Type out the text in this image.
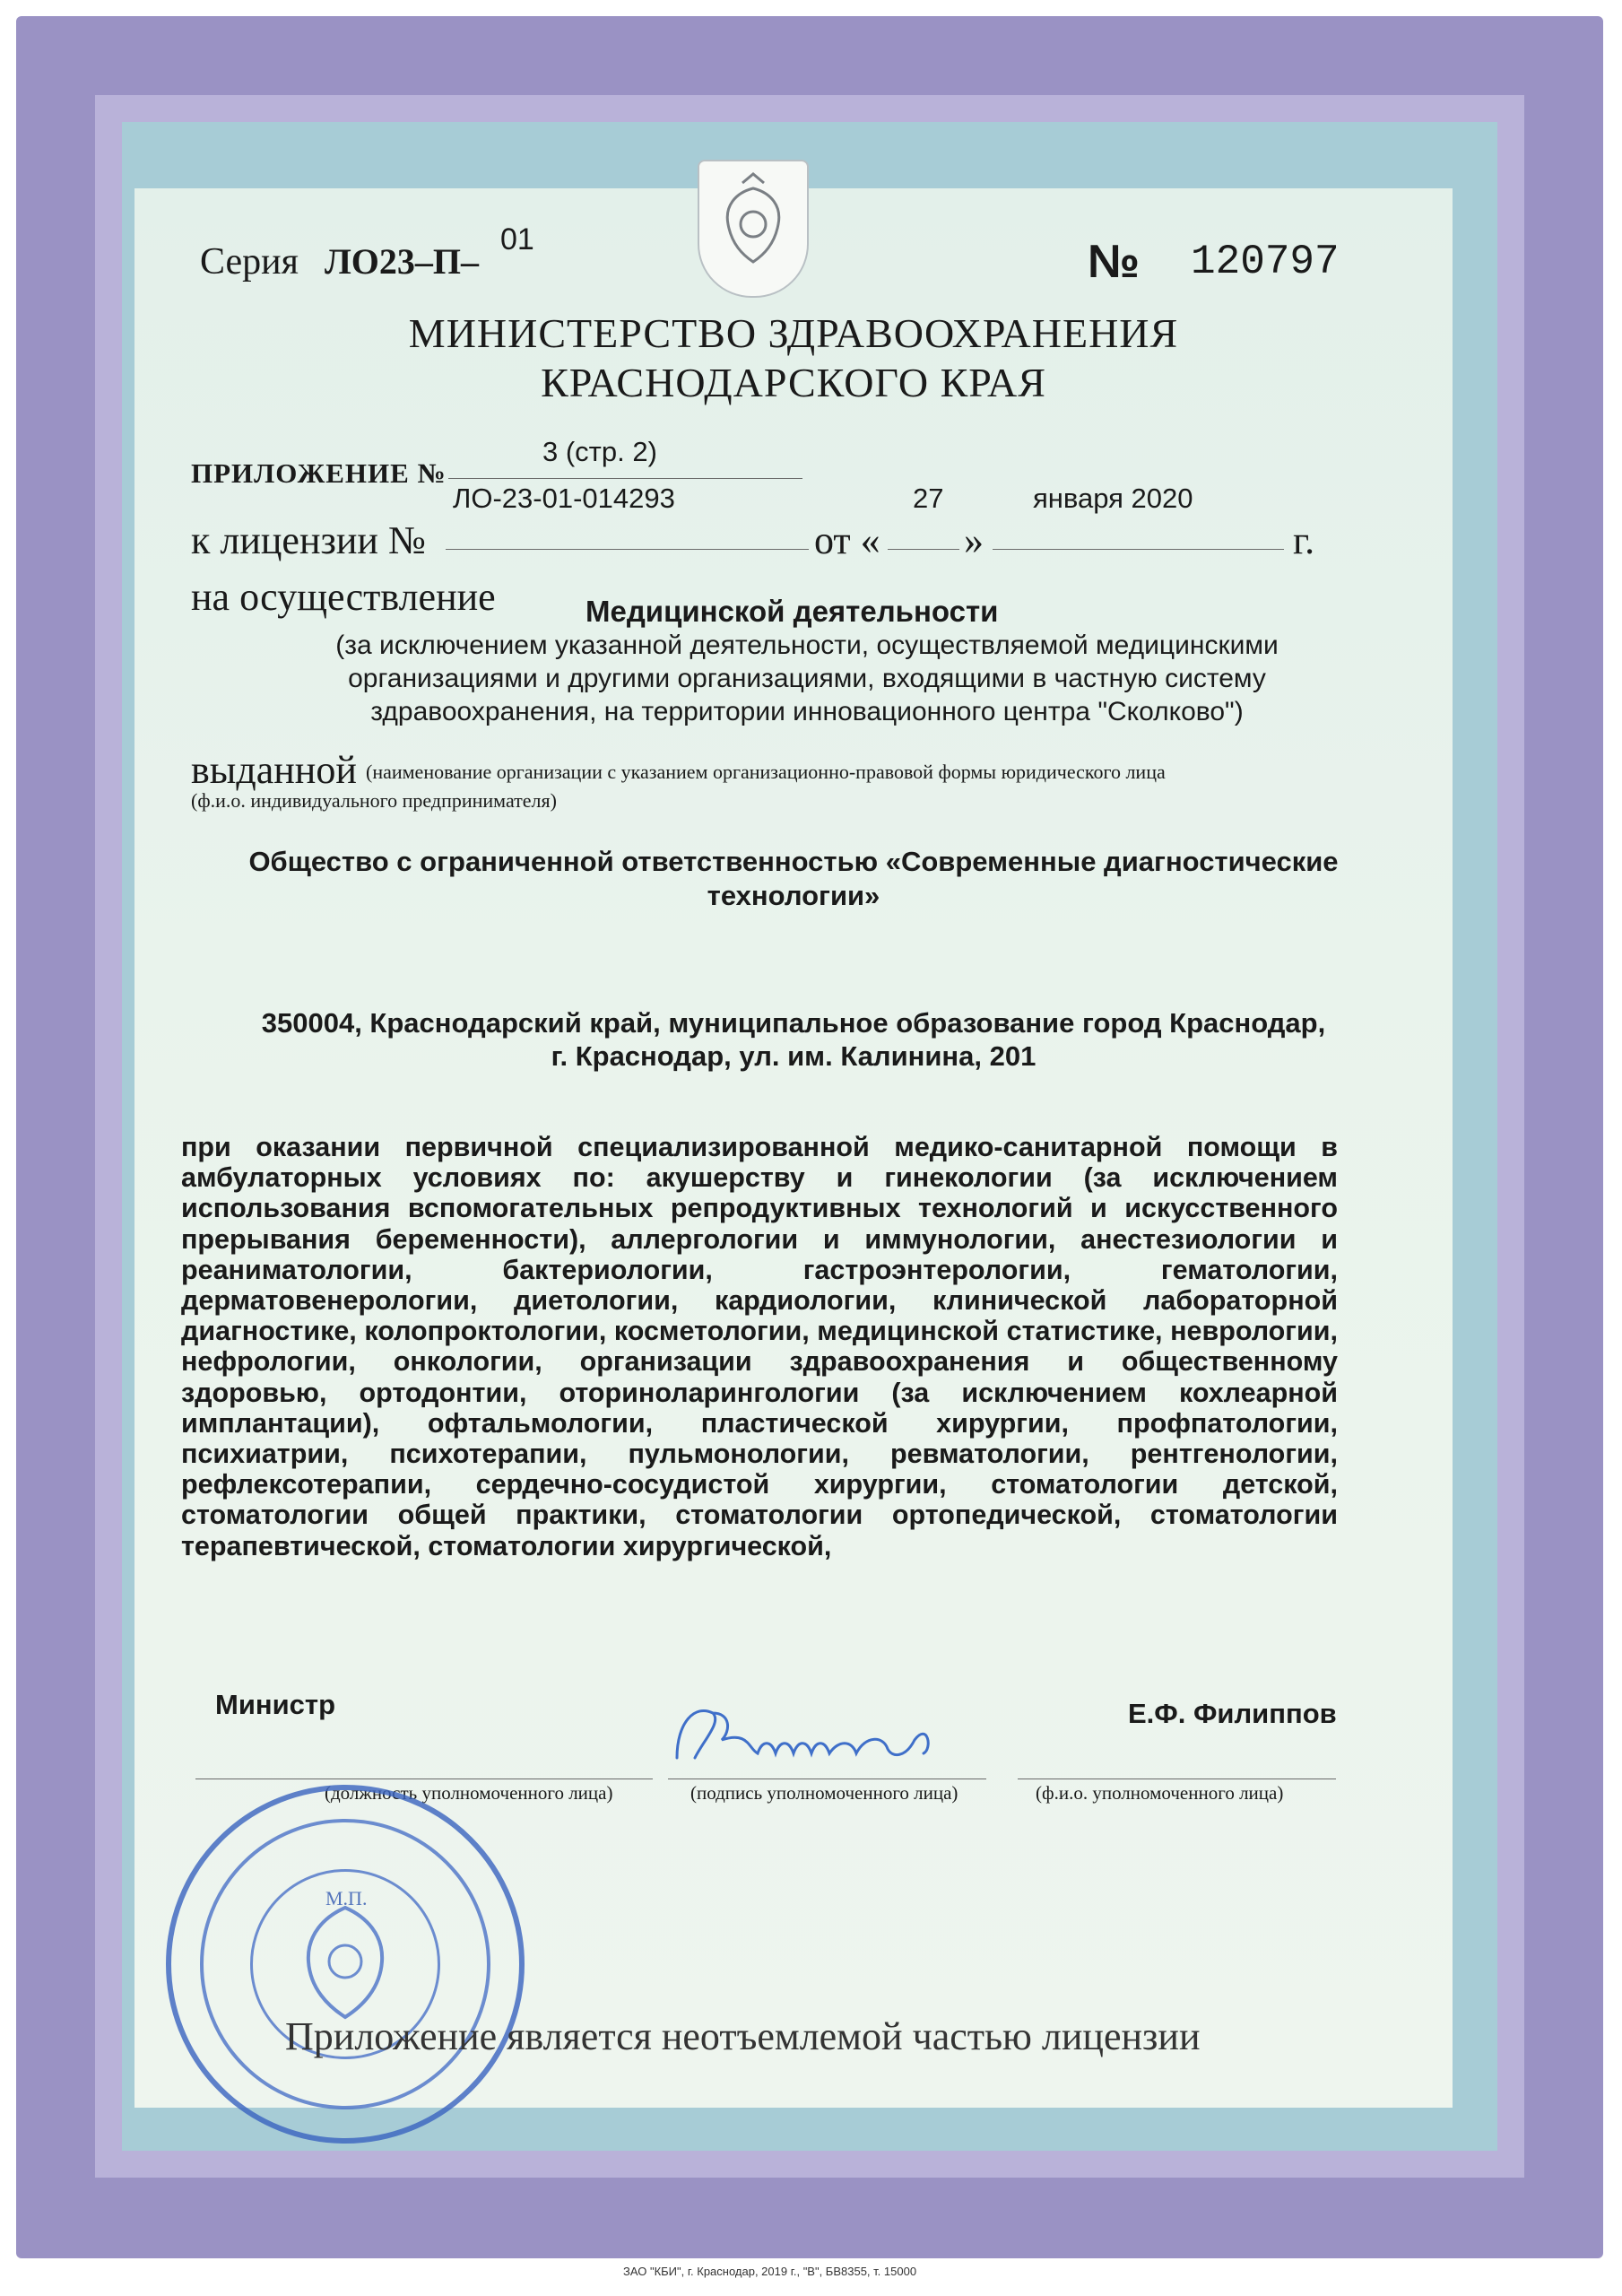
Серия ЛО23–П–
01	№ 120797
МИНИСТЕРСТВО ЗДРАВООХРАНЕНИЯ
КРАСНОДАРСКОГО КРАЯ
ПРИЛОЖЕНИЕ №
3 (стр. 2)
ЛО-23-01-014293	27	января 2020
к лицензии №	от « »	г.
на осуществление	Медицинской деятельности
(за исключением указанной деятельности, осуществляемой медицинскими
организациями и другими организациями, входящими в частную систему
здравоохранения, на территории инновационного центра "Сколково")
выданной (наименование организации с указанием организационно-правовой формы юридического лица
(ф.и.о. индивидуального предпринимателя)
Общество с ограниченной ответственностью «Современные диагностические
технологии»
350004, Краснодарский край, муниципальное образование город Краснодар,
г. Краснодар, ул. им. Калинина, 201
при оказании первичной специализированной медико-санитарной помощи в амбулаторных условиях по: акушерству и гинекологии (за исключением использования вспомогательных репродуктивных технологий и искусственного прерывания беременности), аллергологии и иммунологии, анестезиологии и реаниматологии, бактериологии, гастроэнтерологии, гематологии, дерматовенерологии, диетологии, кардиологии, клинической лабораторной диагностике, колопроктологии, косметологии, медицинской статистике, неврологии, нефрологии, онкологии, организации здравоохранения и общественному здоровью, ортодонтии, оториноларингологии (за исключением кохлеарной имплантации), офтальмологии, пластической хирургии, профпатологии, психиатрии, психотерапии, пульмонологии, ревматологии, рентгенологии, рефлексотерапии, сердечно-сосудистой хирургии, стоматологии детской, стоматологии общей практики, стоматологии ортопедической, стоматологии терапевтической, стоматологии хирургической,
Министр	Е.Ф. Филиппов
(должность уполномоченного лица)	(подпись уполномоченного лица)	(ф.и.о. уполномоченного лица)
М.П.
Приложение является неотъемлемой частью лицензии
ЗАО "КБИ", г. Краснодар, 2019 г., "В", БВ8355, т. 15000
